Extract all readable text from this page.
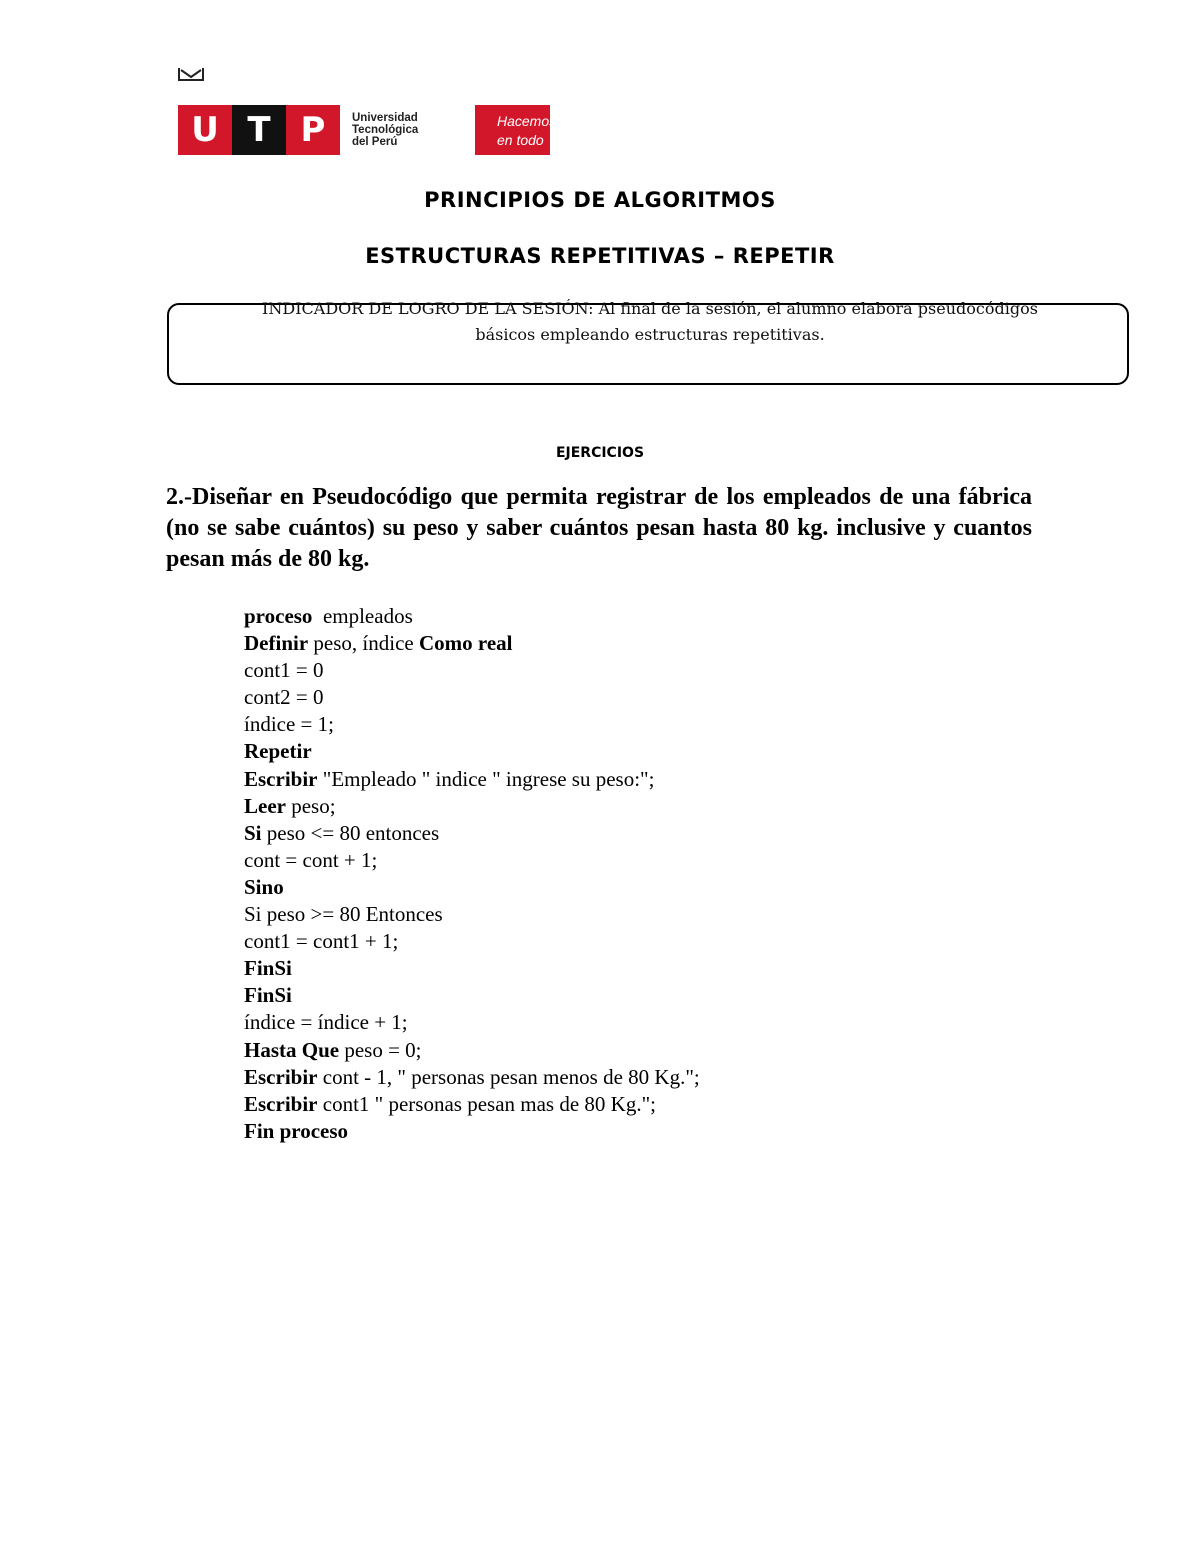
U T P	Universidad
Tecnológica
del Perú
Hacemos
en todo
PRINCIPIOS DE ALGORITMOS
ESTRUCTURAS REPETITIVAS – REPETIR
INDICADOR DE LOGRO DE LA SESIÓN: Al final de la sesión, el alumno elabora pseudocódigos
básicos empleando estructuras repetitivas.
EJERCICIOS
2.-Diseñar en Pseudocódigo que permita registrar de los empleados de una fábrica (no se sabe cuántos) su peso y saber cuántos pesan hasta 80 kg. inclusive y cuantos pesan más de 80 kg.
proceso  empleados
Definir peso, índice Como real
cont1 = 0
cont2 = 0
índice = 1;
Repetir
Escribir "Empleado " indice " ingrese su peso:";
Leer peso;
Si peso <= 80 entonces
cont = cont + 1;
Sino
Si peso >= 80 Entonces
cont1 = cont1 + 1;
FinSi
FinSi
índice = índice + 1;
Hasta Que peso = 0;
Escribir cont - 1, " personas pesan menos de 80 Kg.";
Escribir cont1 " personas pesan mas de 80 Kg.";
Fin proceso
